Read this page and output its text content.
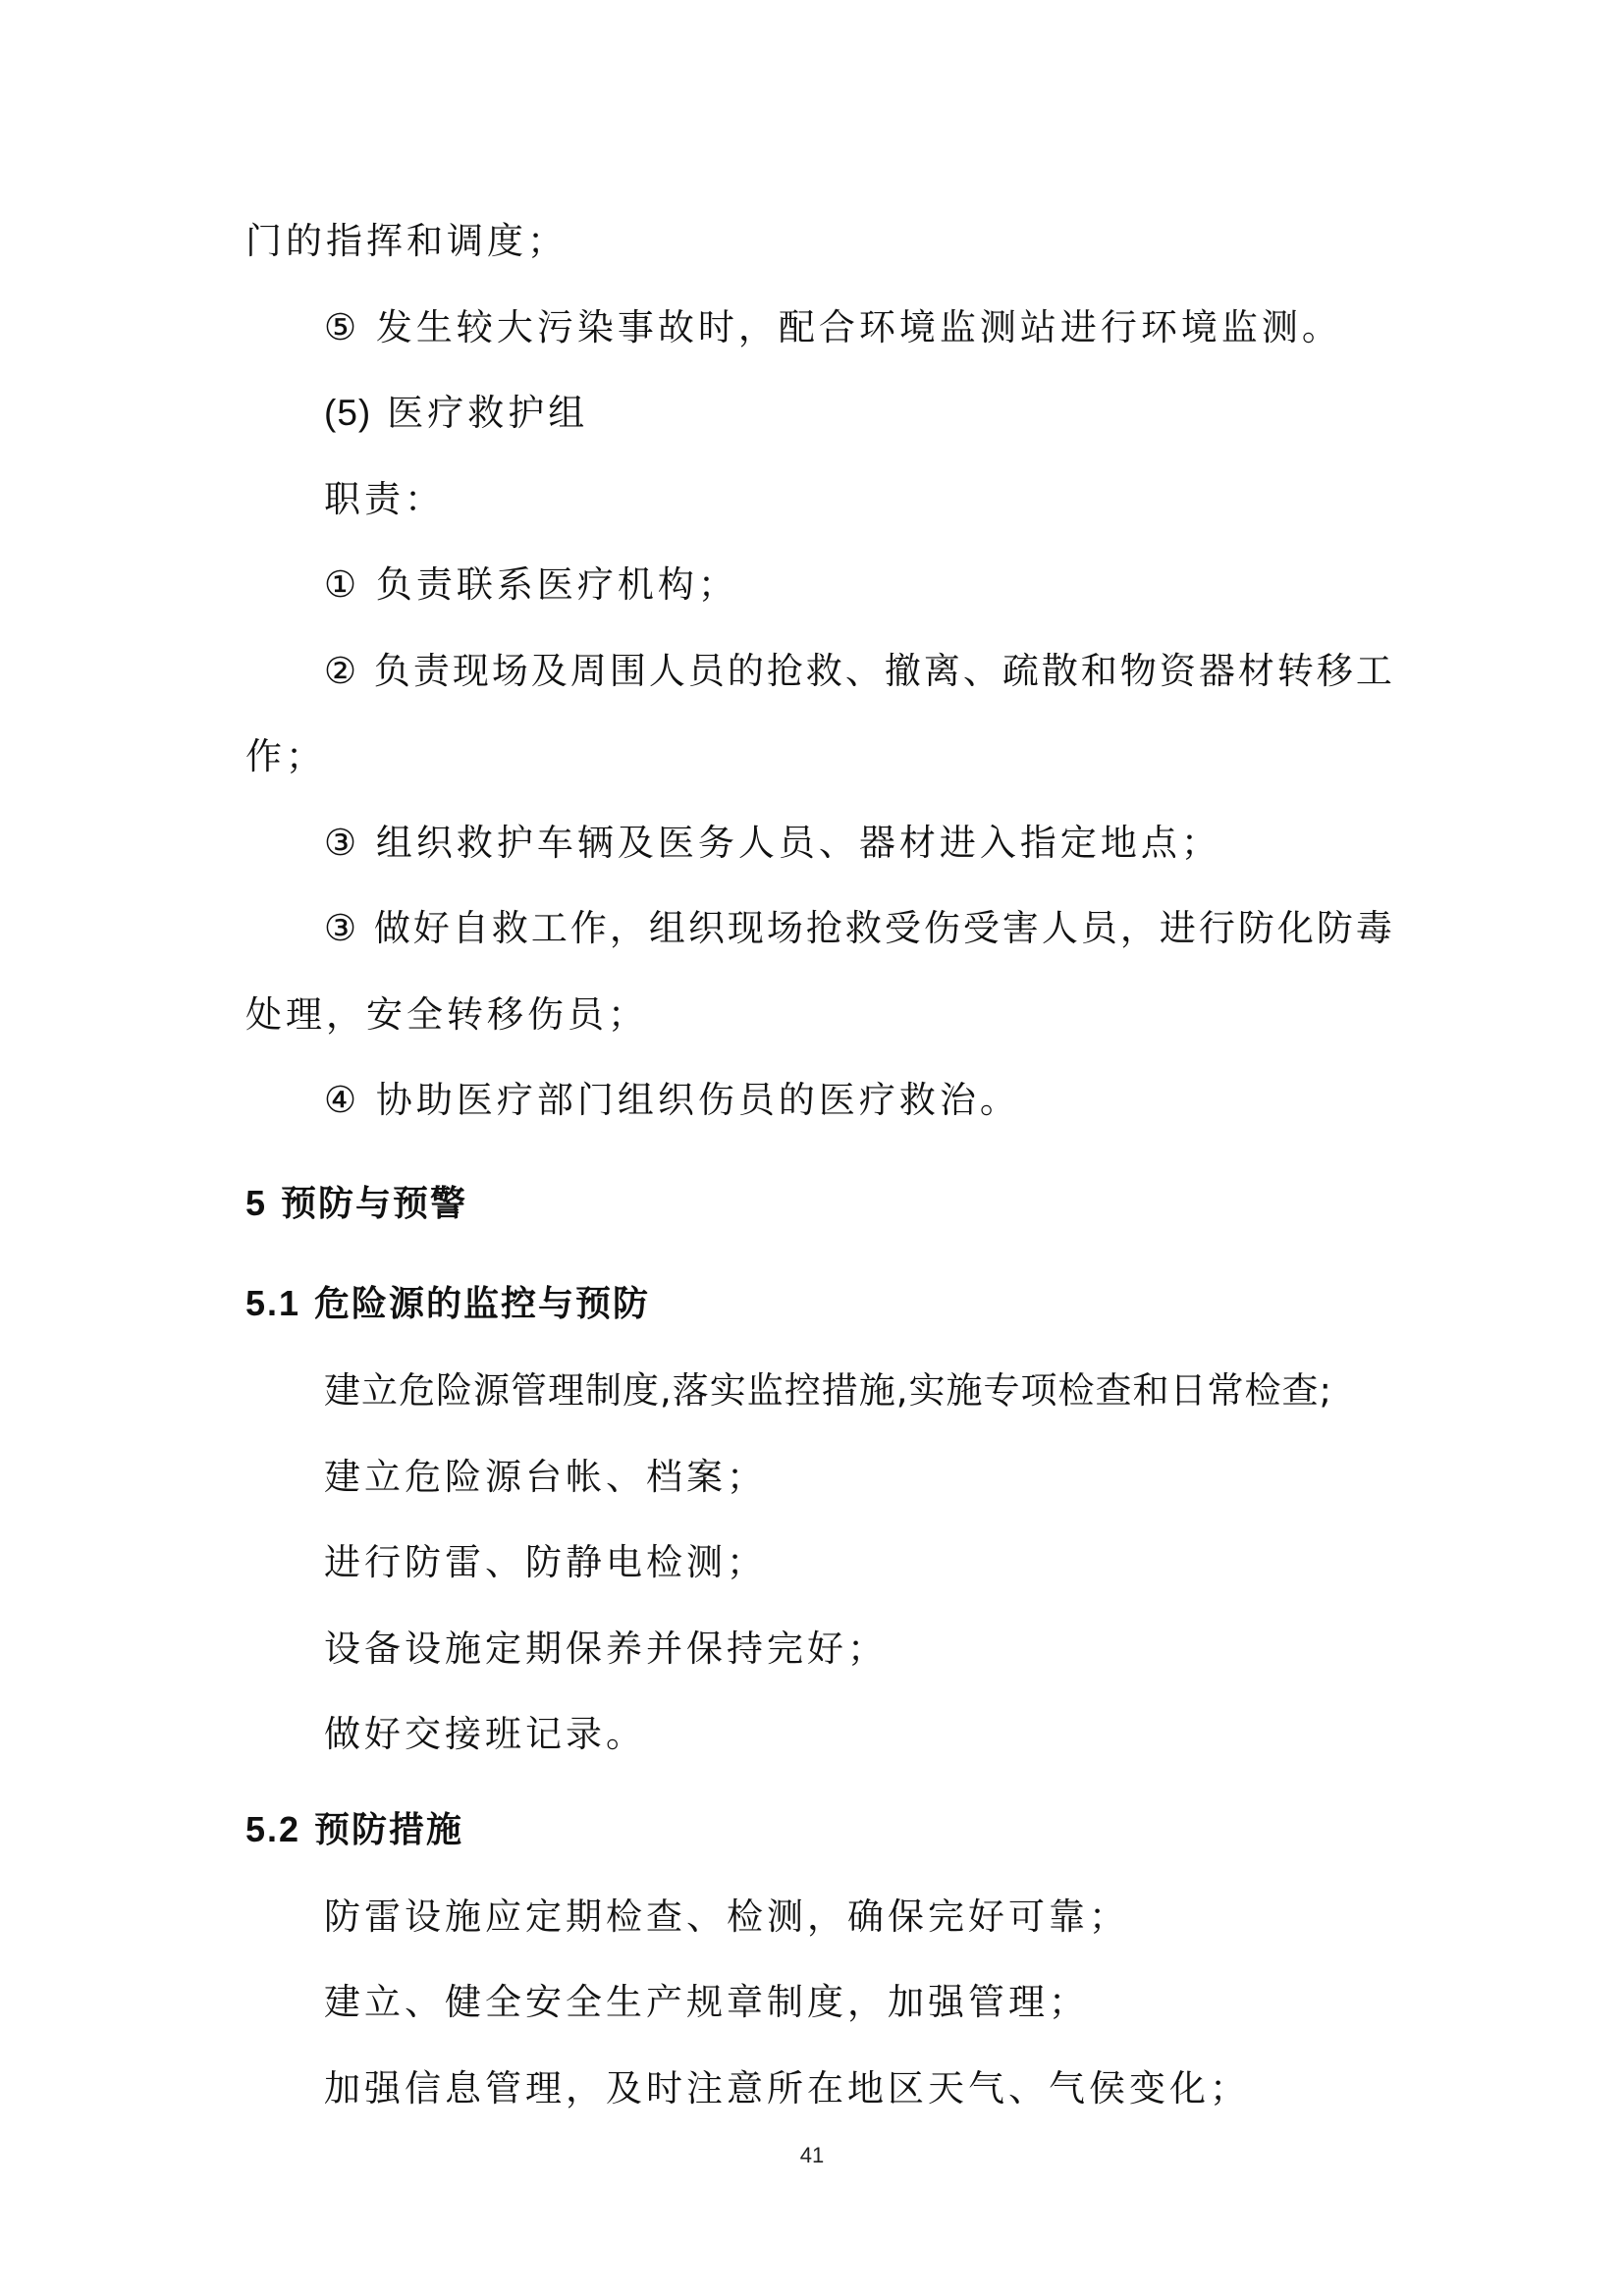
门的指挥和调度；
⑤ 发生较大污染事故时，配合环境监测站进行环境监测。
(5) 医疗救护组
职责：
① 负责联系医疗机构；
② 负责现场及周围人员的抢救、撤离、疏散和物资器材转移工
作；
③ 组织救护车辆及医务人员、器材进入指定地点；
③ 做好自救工作，组织现场抢救受伤受害人员，进行防化防毒
处理，安全转移伤员；
④ 协助医疗部门组织伤员的医疗救治。
5 预防与预警
5.1 危险源的监控与预防
建立危险源管理制度,落实监控措施,实施专项检查和日常检查;
建立危险源台帐、档案；
进行防雷、防静电检测；
设备设施定期保养并保持完好；
做好交接班记录。
5.2 预防措施
防雷设施应定期检查、检测，确保完好可靠；
建立、健全安全生产规章制度，加强管理；
加强信息管理，及时注意所在地区天气、气侯变化；
41
